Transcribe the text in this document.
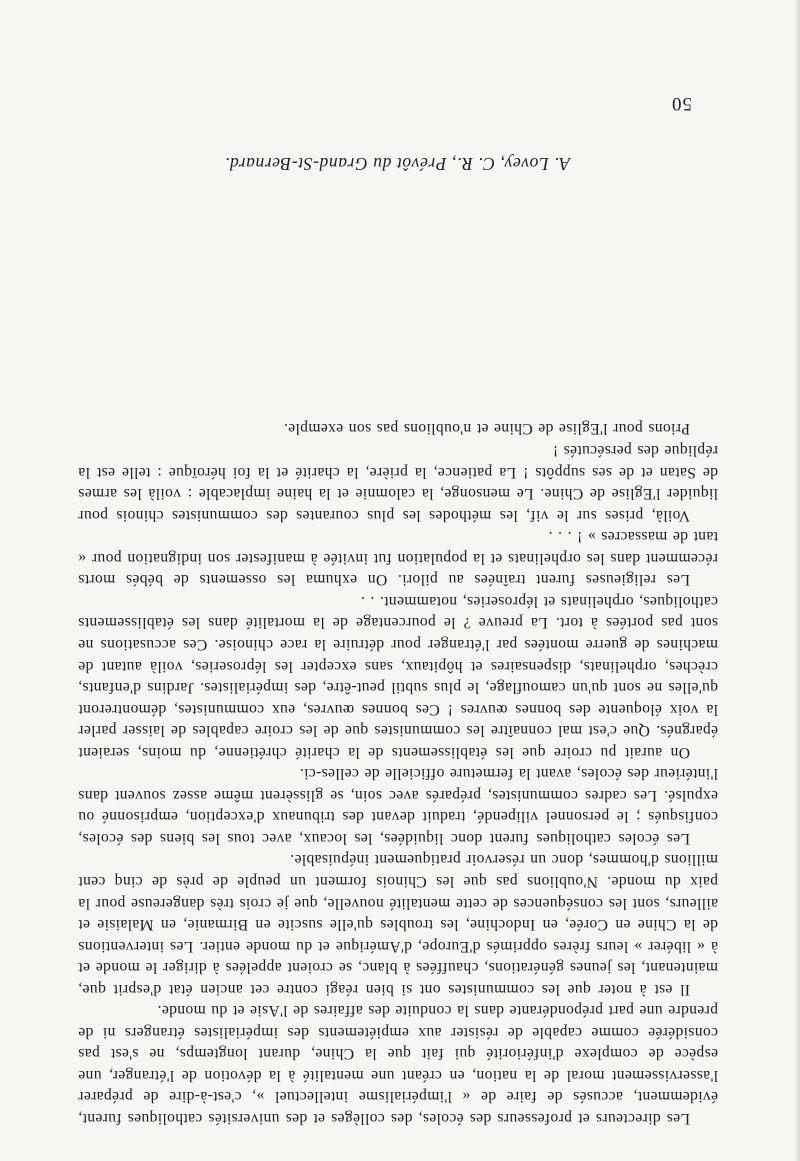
Les directeurs et professeurs des écoles, des collèges et des universités catholiques furent, évidemment, accusés de faire de « l'impérialisme intellectuel », c'est-à-dire de préparer l'asservissement moral de la nation, en créant une mentalité à la dévotion de l'étranger, une espèce de complexe d'infériorité qui fait que la Chine, durant longtemps, ne s'est pas considérée comme capable de résister aux empiétements des impérialistes étrangers ni de prendre une part prépondérante dans la conduite des affaires de l'Asie et du monde.

Il est à noter que les communistes ont si bien réagi contre cet ancien état d'esprit que, maintenant, les jeunes générations, chauffées à blanc, se croient appelées à diriger le monde et à « libérer » leurs frères opprimés d'Europe, d'Amérique et du monde entier. Les interventions de la Chine en Corée, en Indochine, les troubles qu'elle suscite en Birmanie, en Malaisie et ailleurs, sont les conséquences de cette mentalité nouvelle, que je crois très dangereuse pour la paix du monde. N'oublions pas que les Chinois forment un peuple de près de cinq cent millions d'hommes, donc un réservoir pratiquement inépuisable.

Les écoles catholiques furent donc liquidées, les locaux, avec tous les biens des écoles, confisqués ; le personnel vilipendé, traduit devant des tribunaux d'exception, emprisonné ou expulsé. Les cadres communistes, préparés avec soin, se glissèrent même assez souvent dans l'intérieur des écoles, avant la fermeture officielle de celles-ci.

On aurait pu croire que les établissements de la charité chrétienne, du moins, seraient épargnés. Que c'est mal connaître les communistes que de les croire capables de laisser parler la voix éloquente des bonnes œuvres ! Ces bonnes œuvres, eux communistes, démontreront qu'elles ne sont qu'un camouflage, le plus subtil peut-être, des impérialistes. Jardins d'enfants, crèches, orphelinats, dispensaires et hôpitaux, sans excepter les léproseries, voilà autant de machines de guerre montées par l'étranger pour détruire la race chinoise. Ces accusations ne sont pas portées à tort. La preuve ? le pourcentage de la mortalité dans les établissements catholiques, orphelinats et léproseries, notamment. . .

Les religieuses furent traînées au pilori. On exhuma les ossements de bébés morts récemment dans les orphelinats et la population fut invitée à manifester son indignation pour « tant de massacres » ! . . .

Voilà, prises sur le vif, les méthodes les plus courantes des communistes chinois pour liquider l'Eglise de Chine. Le mensonge, la calomnie et la haine implacable : voilà les armes de Satan et de ses suppôts ! La patience, la prière, la charité et la foi héroïque : telle est la réplique des persécutés !

Prions pour l'Eglise de Chine et n'oublions pas son exemple.

A. Lovey, C. R., Prévôt du Grand-St-Bernard.
50
